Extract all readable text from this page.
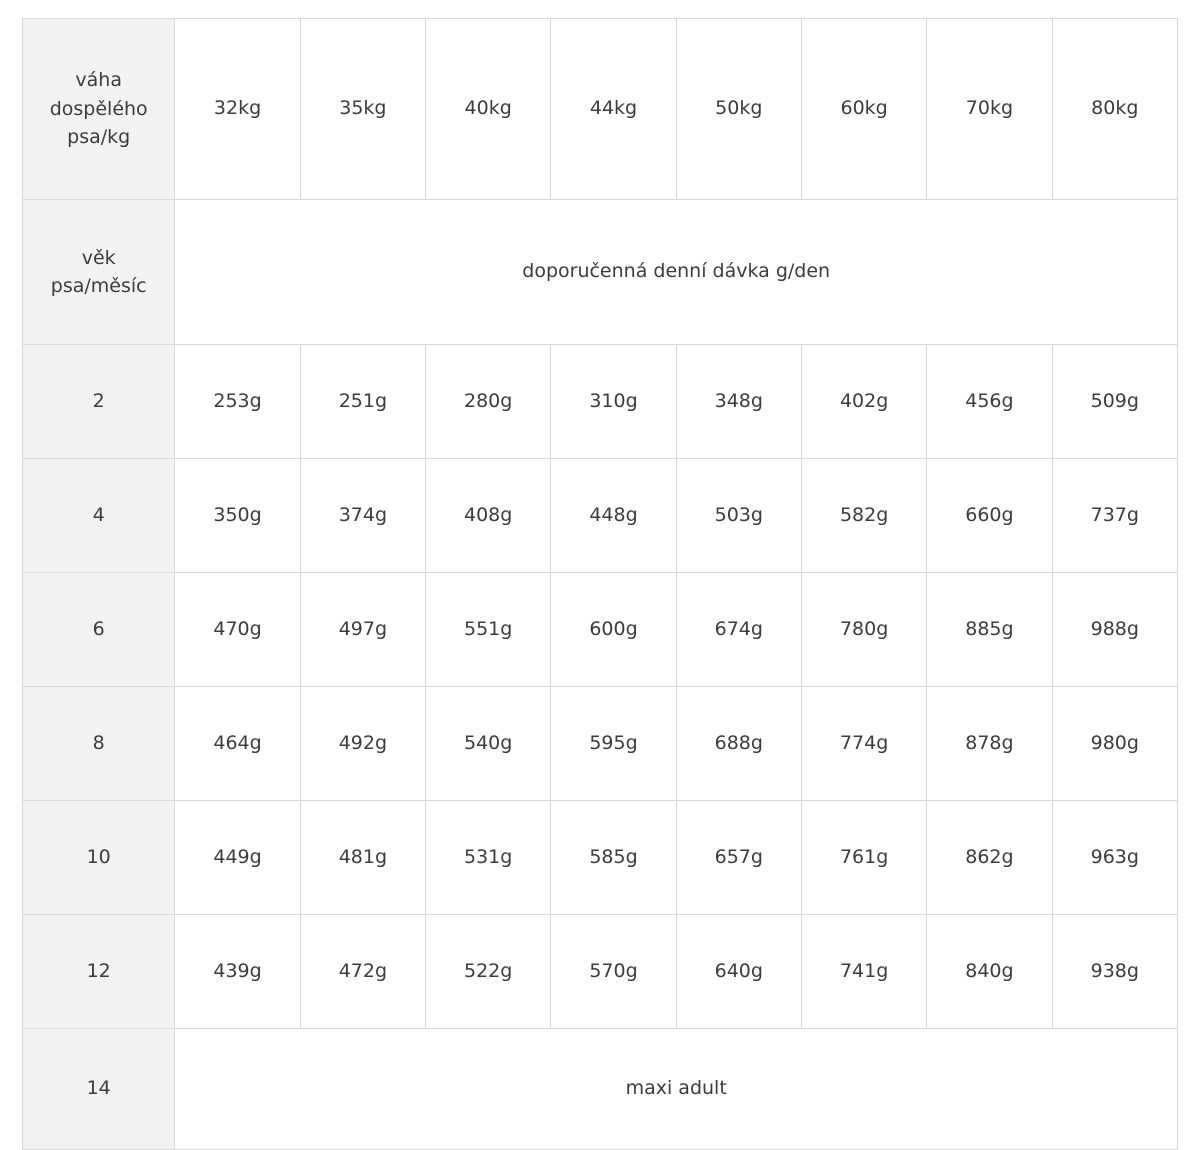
váha
dospělého
psa/kg	32kg	35kg	40kg	44kg	50kg	60kg	70kg	80kg

věk
psa/měsíc	doporučenná denní dávka g/den							
2	253g	251g	280g	310g	348g	402g	456g	509g
4	350g	374g	408g	448g	503g	582g	660g	737g
6	470g	497g	551g	600g	674g	780g	885g	988g
8	464g	492g	540g	595g	688g	774g	878g	980g
10	449g	481g	531g	585g	657g	761g	862g	963g
12	439g	472g	522g	570g	640g	741g	840g	938g
14	maxi adult							
